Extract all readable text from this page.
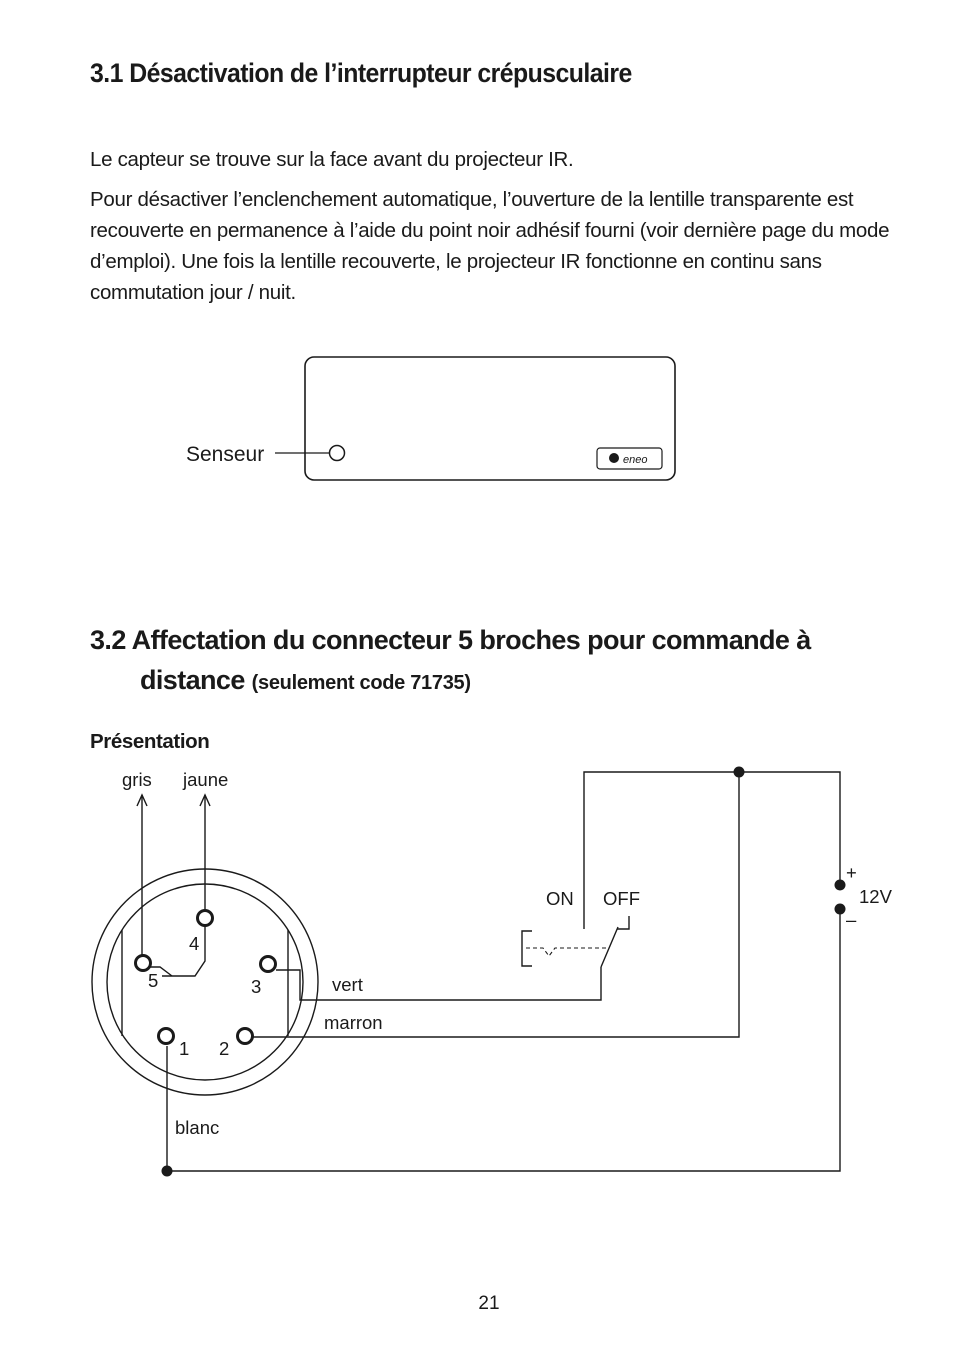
3.1 Désactivation de l’interrupteur crépusculaire

Le capteur se trouve sur la face avant du projecteur IR.

Pour désactiver l’enclenchement automatique, l’ouverture de la lentille transparente est recouverte en permanence à l’aide du point noir adhésif fourni (voir dernière page du mode d’emploi). Une fois la lentille recouverte, le projecteur IR fonctionne en continu sans commutation jour / nuit.

Senseur	eneo
3.2 Affectation du connecteur 5 broches pour commande à
distance (seulement code 71735)
Présentation
gris jaune
vert
marron
blanc
4
5	3
1 2
ON OFF	12V
+
–
21
